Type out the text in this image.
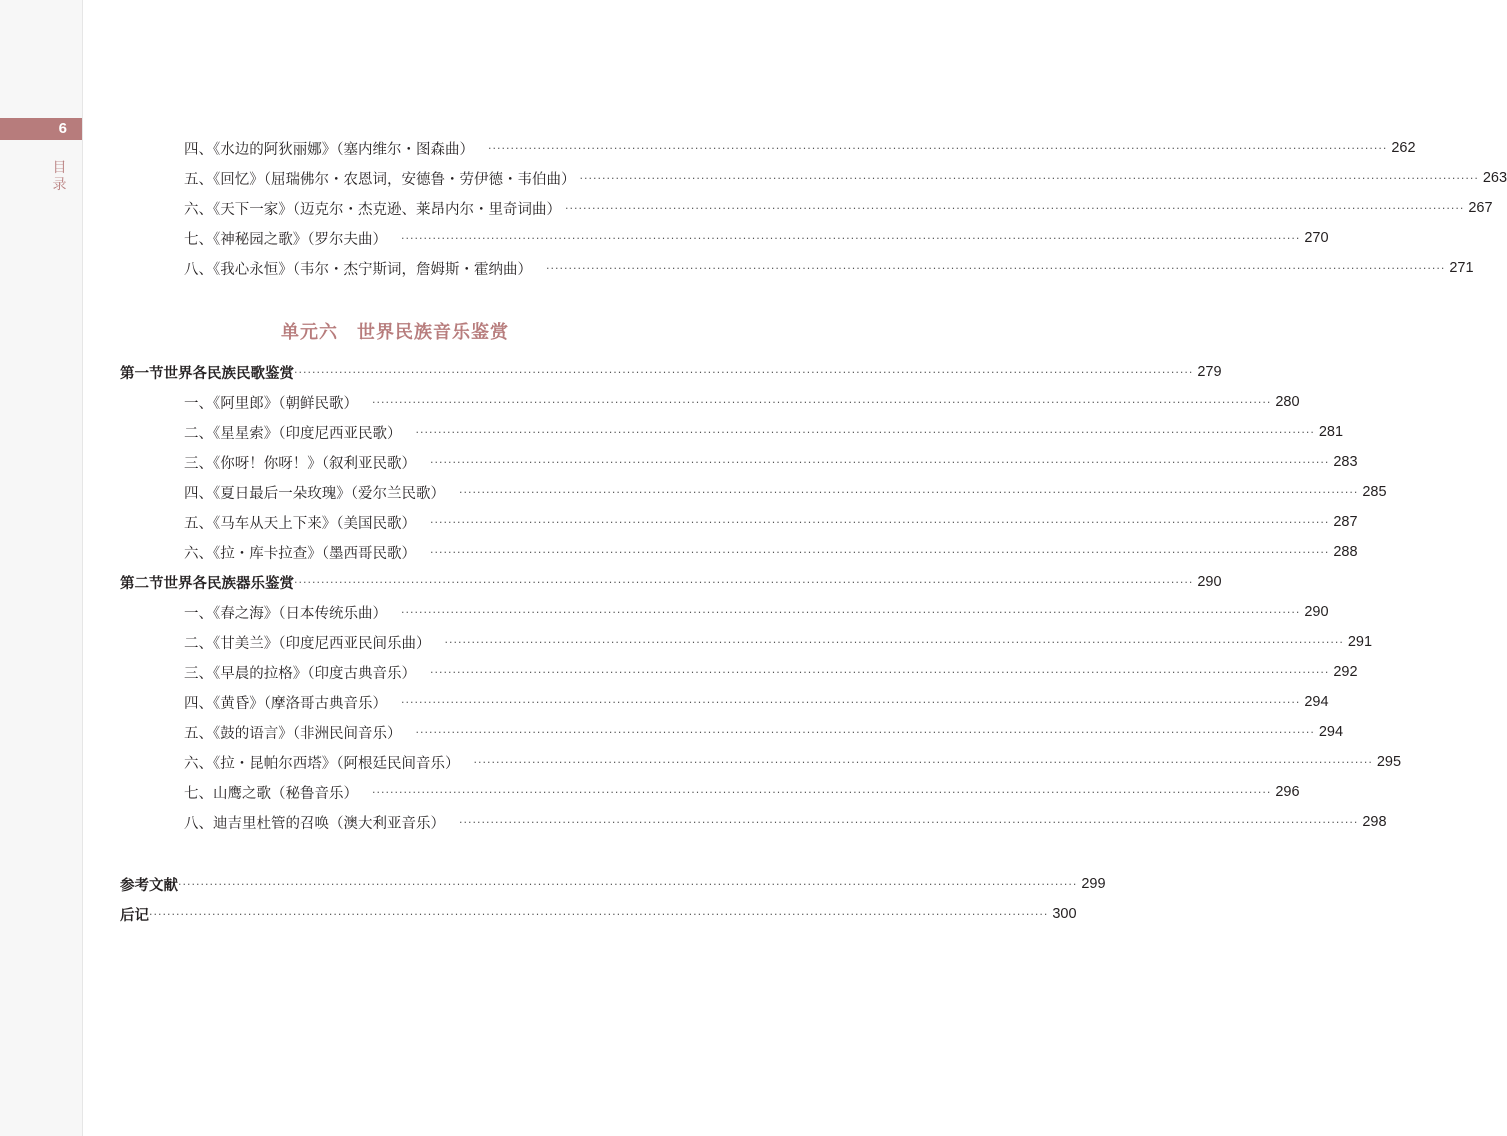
6
目录
四、《水边的阿狄丽娜》（塞内维尔・图森曲） ········································································································································································································ 262
五、《回忆》（屈瑞佛尔・农恩词，安德鲁・劳伊德・韦伯曲） ········································································································································································································ 263
六、《天下一家》（迈克尔・杰克逊、莱昂内尔・里奇词曲） ········································································································································································································ 267
七、《神秘园之歌》（罗尔夫曲） ········································································································································································································ 270
八、《我心永恒》（韦尔・杰宁斯词，詹姆斯・霍纳曲） ········································································································································································································ 271
第一节 世界各民族民歌鉴赏 ········································································································································································································ 279
一、《阿里郎》（朝鲜民歌） ········································································································································································································ 280
二、《星星索》（印度尼西亚民歌） ········································································································································································································ 281
三、《你呀！你呀！》（叙利亚民歌） ········································································································································································································ 283
四、《夏日最后一朵玫瑰》（爱尔兰民歌） ········································································································································································································ 285
五、《马车从天上下来》（美国民歌） ········································································································································································································ 287
六、《拉・库卡拉查》（墨西哥民歌） ········································································································································································································ 288
第二节 世界各民族器乐鉴赏 ········································································································································································································ 290
一、《春之海》（日本传统乐曲） ········································································································································································································ 290
二、《甘美兰》（印度尼西亚民间乐曲） ········································································································································································································ 291
三、《早晨的拉格》（印度古典音乐） ········································································································································································································ 292
四、《黄昏》（摩洛哥古典音乐） ········································································································································································································ 294
五、《鼓的语言》（非洲民间音乐） ········································································································································································································ 294
六、《拉・昆帕尔西塔》（阿根廷民间音乐） ········································································································································································································ 295
七、山鹰之歌（秘鲁音乐） ········································································································································································································ 296
八、迪吉里杜管的召唤（澳大利亚音乐） ········································································································································································································ 298
参考文献 ········································································································································································································ 299
后记 ········································································································································································································ 300
单元六　世界民族音乐鉴赏
